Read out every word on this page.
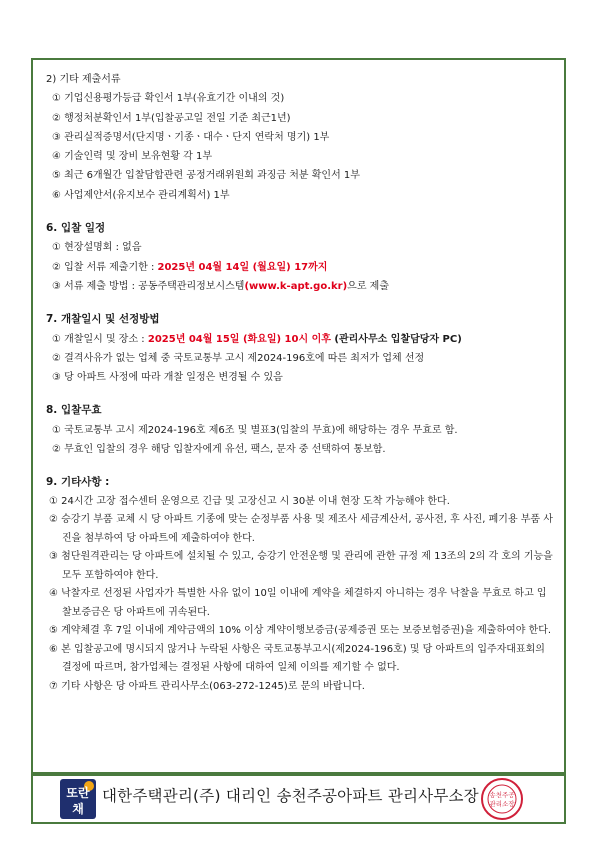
2) 기타 제출서류
① 기업신용평가등급 확인서 1부(유효기간 이내의 것)
② 행정처분확인서 1부(입찰공고일 전일 기준 최근1년)
③ 관리실적증명서(단지명ㆍ기종ㆍ대수ㆍ단지 연락처 명기) 1부
④ 기술인력 및 장비 보유현황 각 1부
⑤ 최근 6개월간 입찰담합관련 공정거래위원회 과징금 처분 확인서 1부
⑥ 사업제안서(유지보수 관리계획서) 1부
6. 입찰 일정
① 현장설명회 : 없음
② 입찰 서류 제출기한 : 2025년 04월 14일 (월요일) 17까지
③ 서류 제출 방법 : 공동주택관리정보시스템(www.k-apt.go.kr)으로 제출
7. 개찰일시 및 선정방법
① 개찰일시 및 장소 : 2025년 04월 15일 (화요일) 10시 이후 (관리사무소 입찰담당자 PC)
② 결격사유가 없는 업체 중 국토교통부 고시 제2024-196호에 따른 최저가 업체 선정
③ 당 아파트 사정에 따라 개찰 일정은 변경될 수 있음
8. 입찰무효
① 국토교통부 고시 제2024-196호 제6조 및 별표3(입찰의 무효)에 해당하는 경우 무효로 함.
② 무효인 입찰의 경우 해당 입찰자에게 유선, 팩스, 문자 중 선택하여 통보함.
9. 기타사항 :
① 24시간 고장 접수센터 운영으로 긴급 및 고장신고 시 30분 이내 현장 도착 가능해야 한다.
② 승강기 부품 교체 시 당 아파트 기종에 맞는 순정부품 사용 및 제조사 세금계산서, 공사전, 후 사진, 폐기용 부품 사진을 첨부하여 당 아파트에 제출하여야 한다.
③ 첨단원격관리는 당 아파트에 설치될 수 있고, 승강기 안전운행 및 관리에 관한 규정 제 13조의 2의 각 호의 기능을 모두 포함하여야 한다.
④ 낙찰자로 선정된 사업자가 특별한 사유 없이 10일 이내에 계약을 체결하지 아니하는 경우 낙찰을 무효로 하고 입찰보증금은 당 아파트에 귀속된다.
⑤ 계약체결 후 7일 이내에 계약금액의 10% 이상 계약이행보증금(공제증권 또는 보증보험증권)을 제출하여야 한다.
⑥ 본 입찰공고에 명시되지 않거나 누락된 사항은 국토교통부고시(제2024-196호) 및 당 아파트의 입주자대표회의 결정에 따르며, 참가업체는 결정된 사항에 대하여 일체 이의를 제기할 수 없다.
⑦ 기타 사항은 당 아파트 관리사무소(063-272-1245)로 문의 바랍니다.
또란
채
대한주택관리(주) 대리인 송천주공아파트 관리사무소장 송천주공
관리소장
